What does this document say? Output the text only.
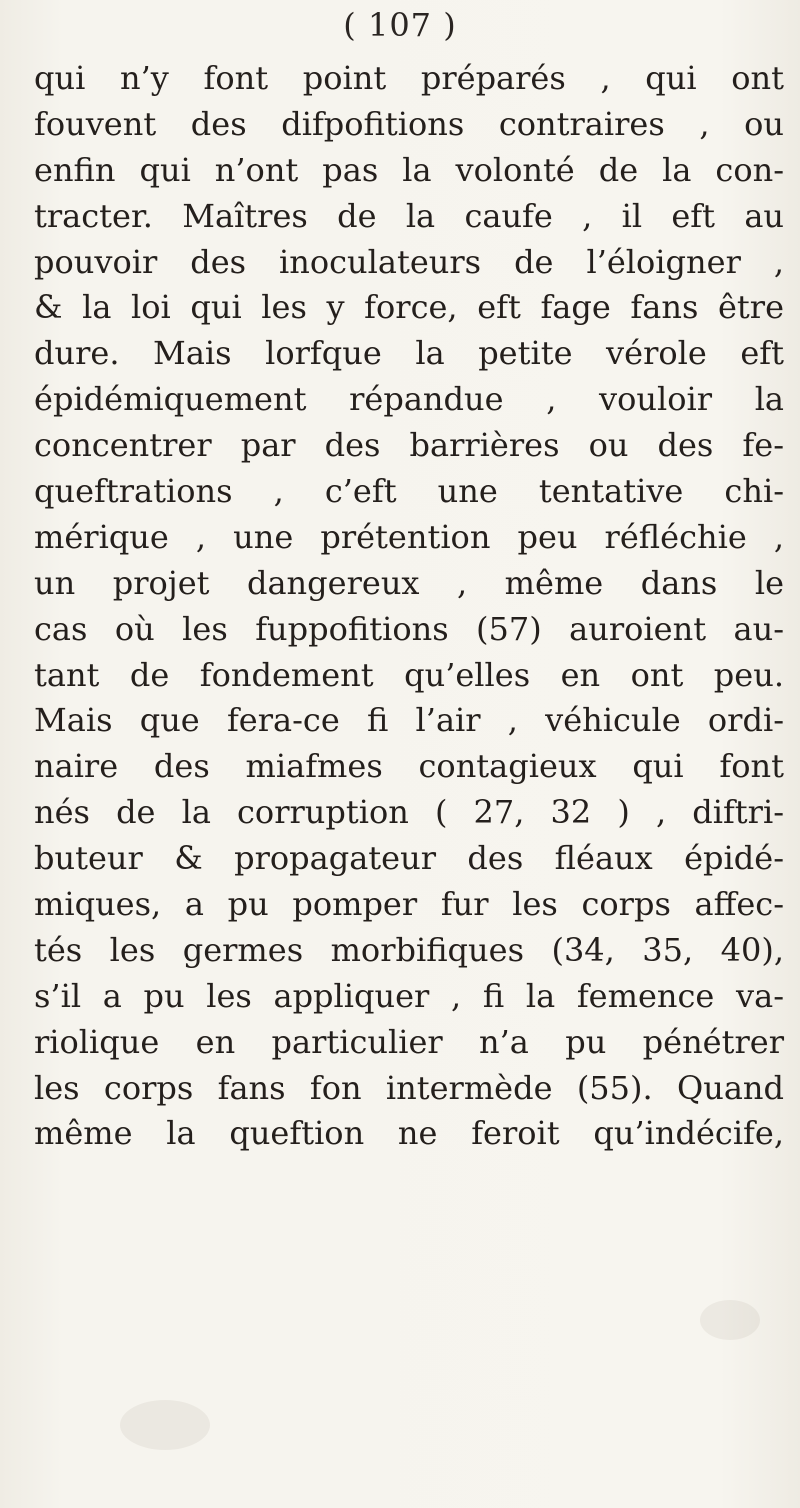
( 107 )
qui n’y font point préparés , qui ont
fouvent des difpofitions contraires , ou
enfin qui n’ont pas la volonté de la con-
tracter. Maîtres de la caufe , il eft au
pouvoir des inoculateurs de l’éloigner ,
& la loi qui les y force, eft fage fans être
dure. Mais lorfque la petite vérole eft
épidémiquement répandue , vouloir la
concentrer par des barrières ou des fe-
queftrations , c’eft une tentative chi-
mérique , une prétention peu réfléchie ,
un projet dangereux , même dans le
cas où les fuppofitions (57) auroient au-
tant de fondement qu’elles en ont peu.
Mais que fera-ce fi l’air , véhicule ordi-
naire des miafmes contagieux qui font
nés de la corruption ( 27, 32 ) , diftri-
buteur & propagateur des fléaux épidé-
miques, a pu pomper fur les corps affec-
tés les germes morbifiques (34, 35, 40),
s’il a pu les appliquer , fi la femence va-
riolique en particulier n’a pu pénétrer
les corps fans fon intermède (55). Quand
même la queftion ne feroit qu’indécife,
